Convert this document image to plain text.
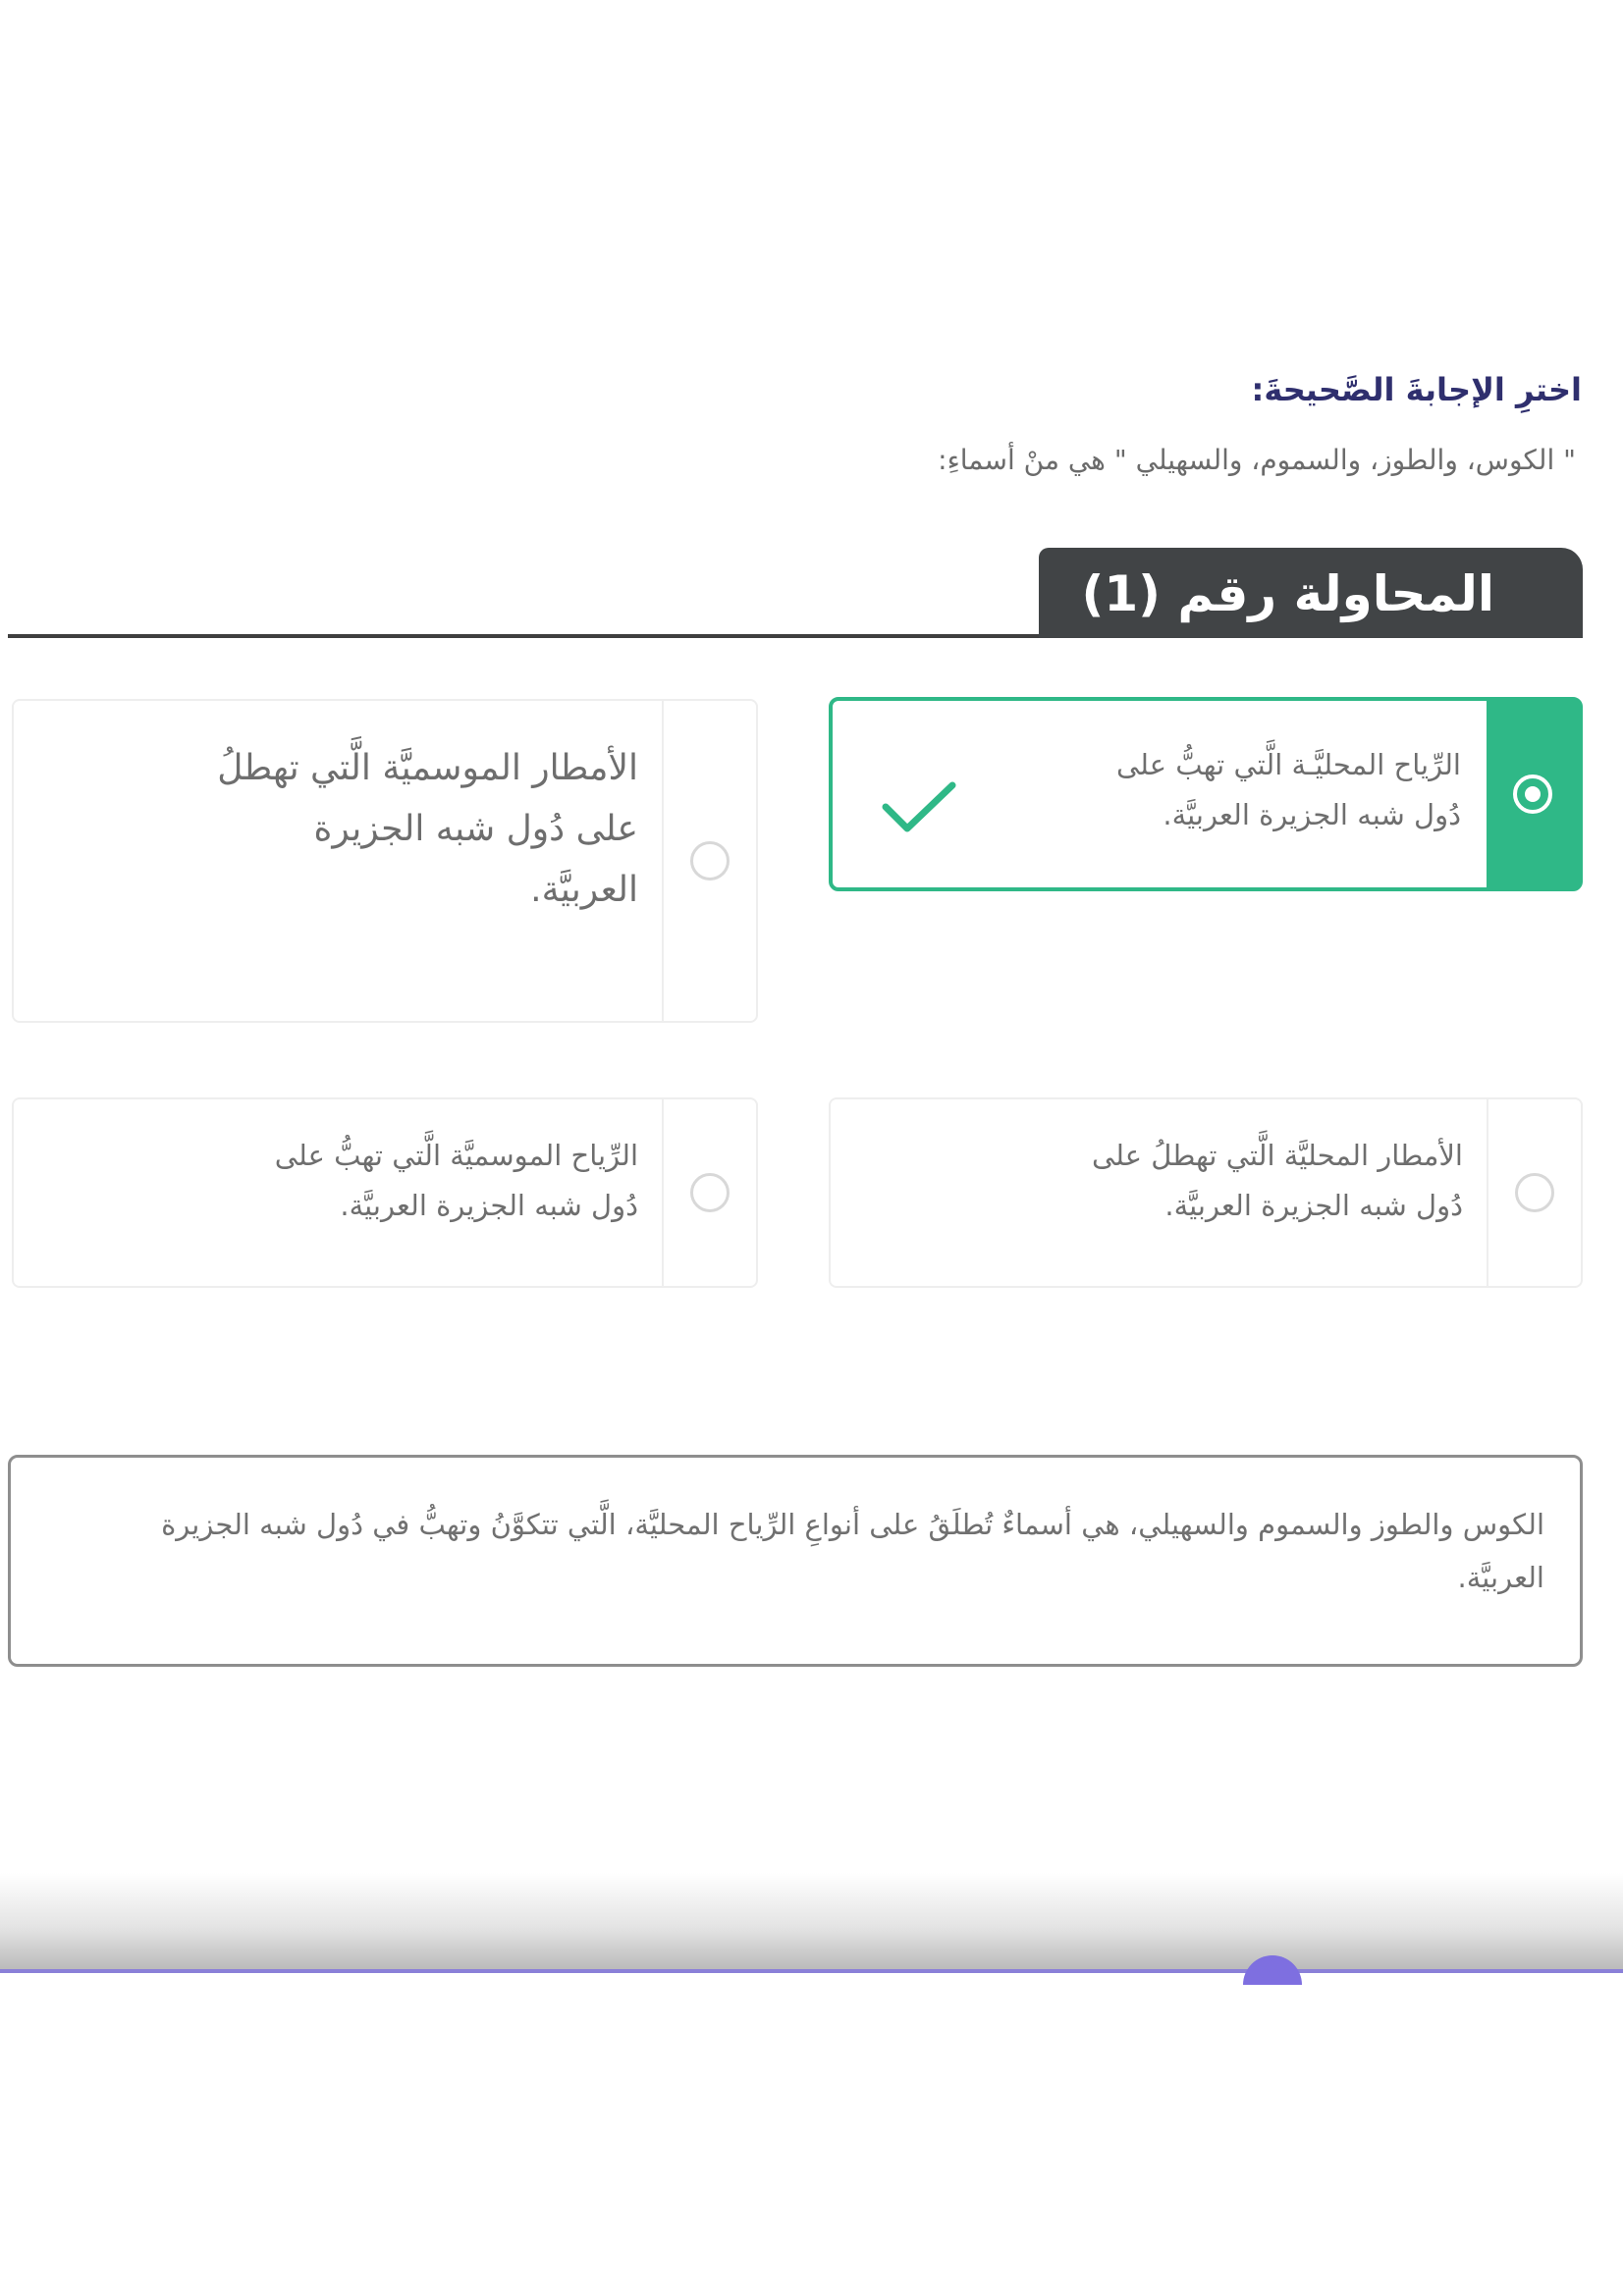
اخترِ الإجابةَ الصَّحيحةَ:
" الكوس، والطوز، والسموم، والسهيلي " هي منْ أسماءِ:
المحاولة رقم (1)
الرِّياح المحليَّـة الَّتي تهبُّ على
دُول شبه الجزيرة العربيَّة.
الأمطار الموسميَّة الَّتي تهطلُ
على دُول شبه الجزيرة
العربيَّة.
الأمطار المحليَّة الَّتي تهطلُ على
دُول شبه الجزيرة العربيَّة.
الرِّياح الموسميَّة الَّتي تهبُّ على
دُول شبه الجزيرة العربيَّة.
الكوس والطوز والسموم والسهيلي، هي أسماءٌ تُطلَقُ على أنواعِ الرِّياح المحليَّة، الَّتي تتكوَّنُ وتهبُّ في دُول شبه الجزيرة العربيَّة.
